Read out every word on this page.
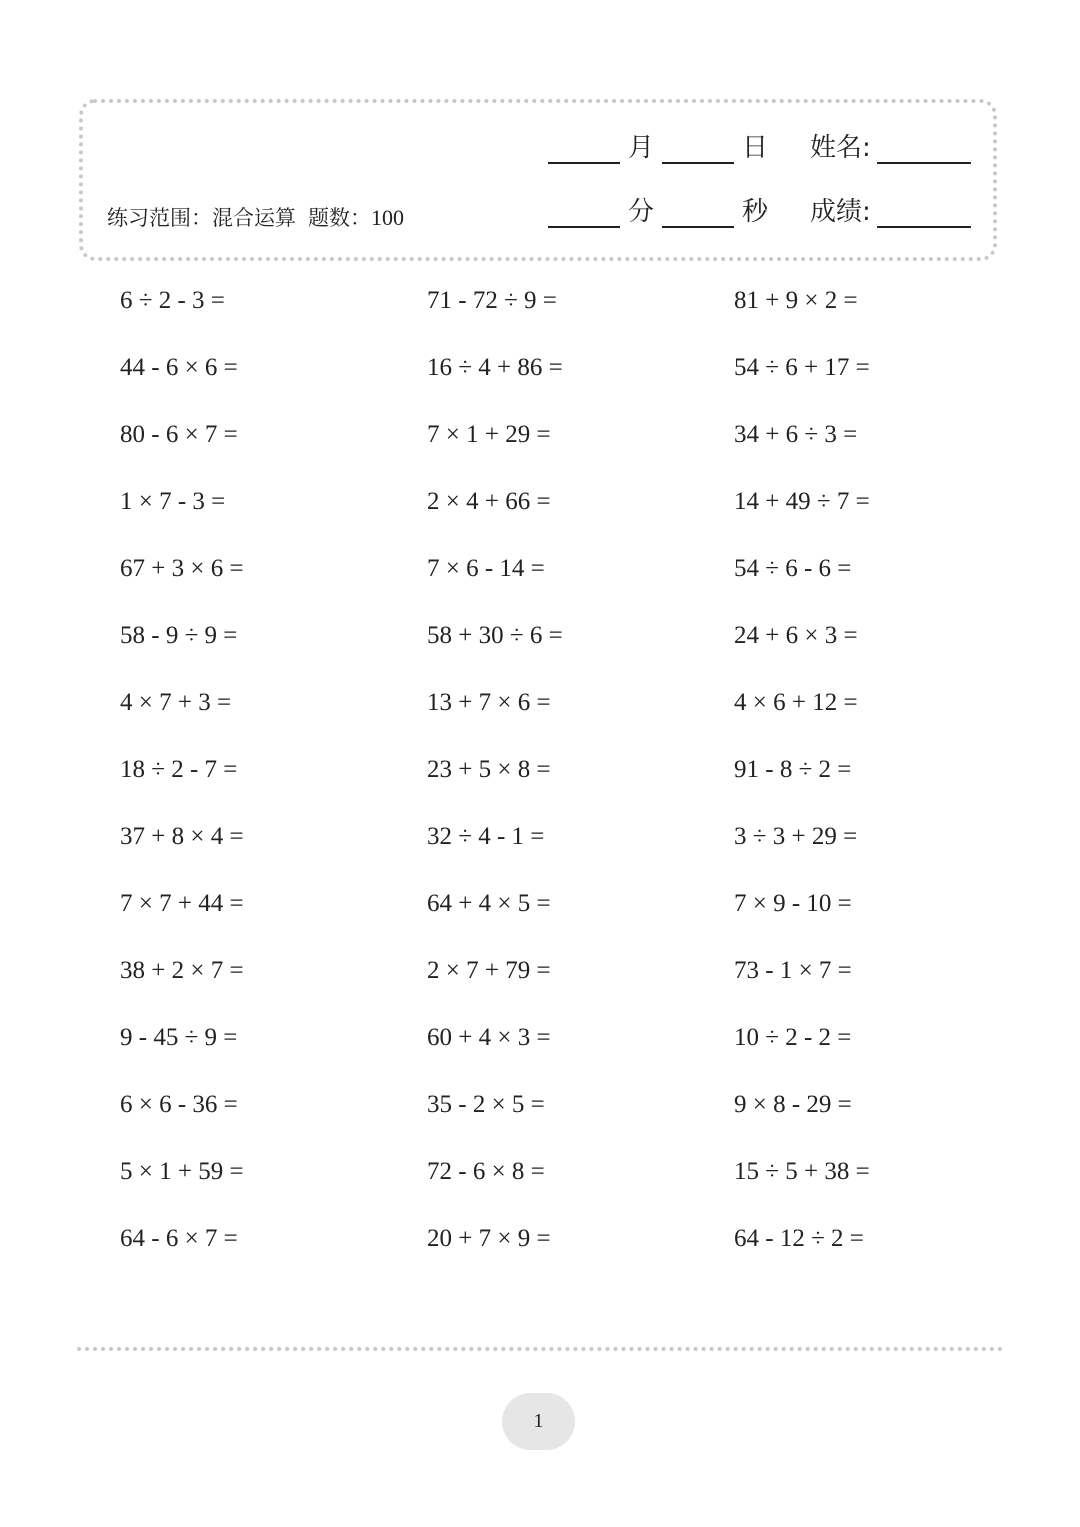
月	日 姓名:
分	秒 成绩:
练习范围：混合运算 题数： 100
6 ÷ 2 - 3 =	71 - 72 ÷ 9 =	81 + 9 × 2 =
44 - 6 × 6 =	16 ÷ 4 + 86 =	54 ÷ 6 + 17 =
80 - 6 × 7 =	7 × 1 + 29 =	34 + 6 ÷ 3 =
1 × 7 - 3 =	2 × 4 + 66 =	14 + 49 ÷ 7 =
67 + 3 × 6 =	7 × 6 - 14 =	54 ÷ 6 - 6 =
58 - 9 ÷ 9 =	58 + 30 ÷ 6 =	24 + 6 × 3 =
4 × 7 + 3 =	13 + 7 × 6 =	4 × 6 + 12 =
18 ÷ 2 - 7 =	23 + 5 × 8 =	91 - 8 ÷ 2 =
37 + 8 × 4 =	32 ÷ 4 - 1 =	3 ÷ 3 + 29 =
7 × 7 + 44 =	64 + 4 × 5 =	7 × 9 - 10 =
38 + 2 × 7 =	2 × 7 + 79 =	73 - 1 × 7 =
9 - 45 ÷ 9 =	60 + 4 × 3 =	10 ÷ 2 - 2 =
6 × 6 - 36 =	35 - 2 × 5 =	9 × 8 - 29 =
5 × 1 + 59 =	72 - 6 × 8 =	15 ÷ 5 + 38 =
64 - 6 × 7 =	20 + 7 × 9 =	64 - 12 ÷ 2 =
1
